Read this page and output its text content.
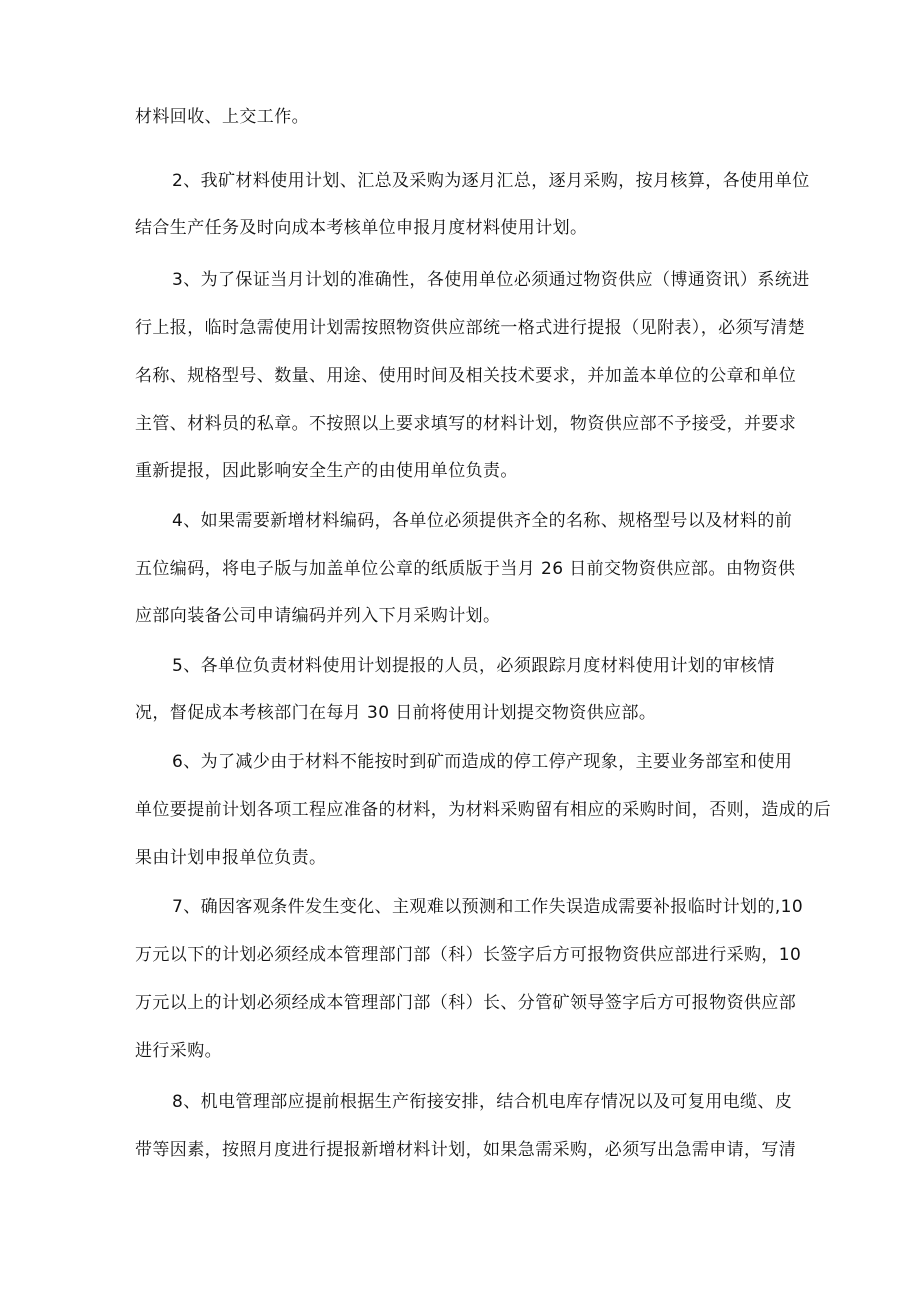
材料回收、上交工作。
2、我矿材料使用计划、汇总及采购为逐月汇总，逐月采购，按月核算，各使用单位
结合生产任务及时向成本考核单位申报月度材料使用计划。
3、为了保证当月计划的准确性，各使用单位必须通过物资供应（博通资讯）系统进
行上报，临时急需使用计划需按照物资供应部统一格式进行提报（见附表），必须写清楚
名称、规格型号、数量、用途、使用时间及相关技术要求，并加盖本单位的公章和单位
主管、材料员的私章。不按照以上要求填写的材料计划，物资供应部不予接受，并要求
重新提报，因此影响安全生产的由使用单位负责。
4、如果需要新增材料编码，各单位必须提供齐全的名称、规格型号以及材料的前
五位编码，将电子版与加盖单位公章的纸质版于当月 26 日前交物资供应部。由物资供
应部向装备公司申请编码并列入下月采购计划。
5、各单位负责材料使用计划提报的人员，必须跟踪月度材料使用计划的审核情
况，督促成本考核部门在每月 30 日前将使用计划提交物资供应部。
6、为了减少由于材料不能按时到矿而造成的停工停产现象，主要业务部室和使用
单位要提前计划各项工程应准备的材料，为材料采购留有相应的采购时间，否则，造成的后
果由计划申报单位负责。
7、确因客观条件发生变化、主观难以预测和工作失误造成需要补报临时计划的,10
万元以下的计划必须经成本管理部门部（科）长签字后方可报物资供应部进行采购，10
万元以上的计划必须经成本管理部门部（科）长、分管矿领导签字后方可报物资供应部
进行采购。
8、机电管理部应提前根据生产衔接安排，结合机电库存情况以及可复用电缆、皮
带等因素，按照月度进行提报新增材料计划，如果急需采购，必须写出急需申请，写清
